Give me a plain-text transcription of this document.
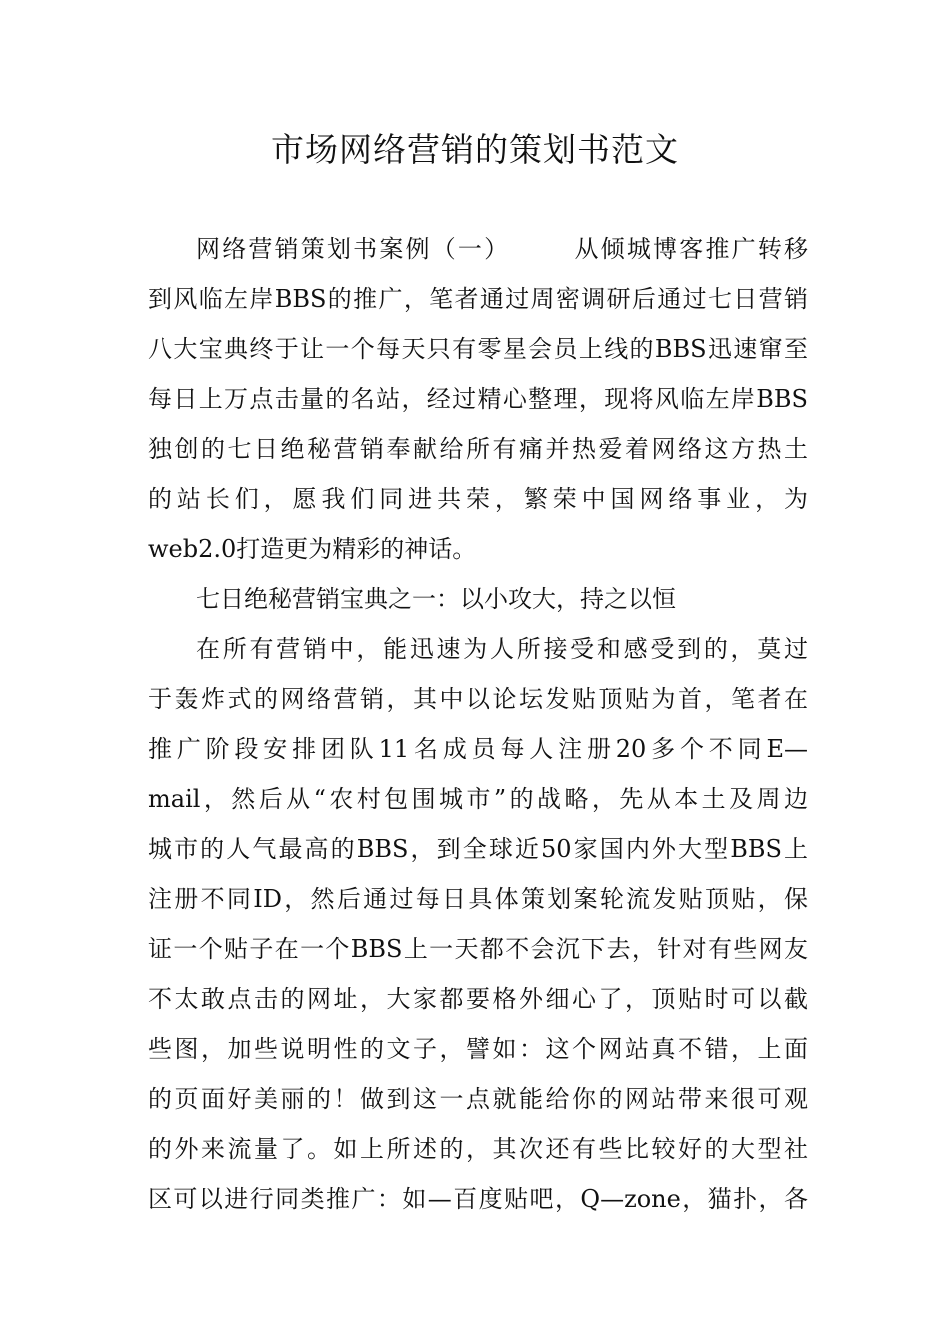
市场网络营销的策划书范文
网络营销策划书案例（一）	从倾城博客推广转移
到风临左岸BBS的推广，笔者通过周密调研后通过七日营销
八大宝典终于让一个每天只有零星会员上线的BBS迅速窜至
每日上万点击量的名站，经过精心整理，现将风临左岸BBS
独创的七日绝秘营销奉献给所有痛并热爱着网络这方热土
的站长们，愿我们同进共荣，繁荣中国网络事业，为
web2.0打造更为精彩的神话。
七日绝秘营销宝典之一：以小攻大，持之以恒
在所有营销中，能迅速为人所接受和感受到的，莫过
于轰炸式的网络营销，其中以论坛发贴顶贴为首，笔者在
推广阶段安排团队11名成员每人注册20多个不同E—
mail，然后从“农村包围城市”的战略，先从本土及周边
城市的人气最高的BBS，到全球近50家国内外大型BBS上
注册不同ID，然后通过每日具体策划案轮流发贴顶贴，保
证一个贴子在一个BBS上一天都不会沉下去，针对有些网友
不太敢点击的网址，大家都要格外细心了，顶贴时可以截
些图，加些说明性的文子，譬如：这个网站真不错，上面
的页面好美丽的！做到这一点就能给你的网站带来很可观
的外来流量了。如上所述的，其次还有些比较好的大型社
区可以进行同类推广：如—百度贴吧，Q—zone，猫扑，各
